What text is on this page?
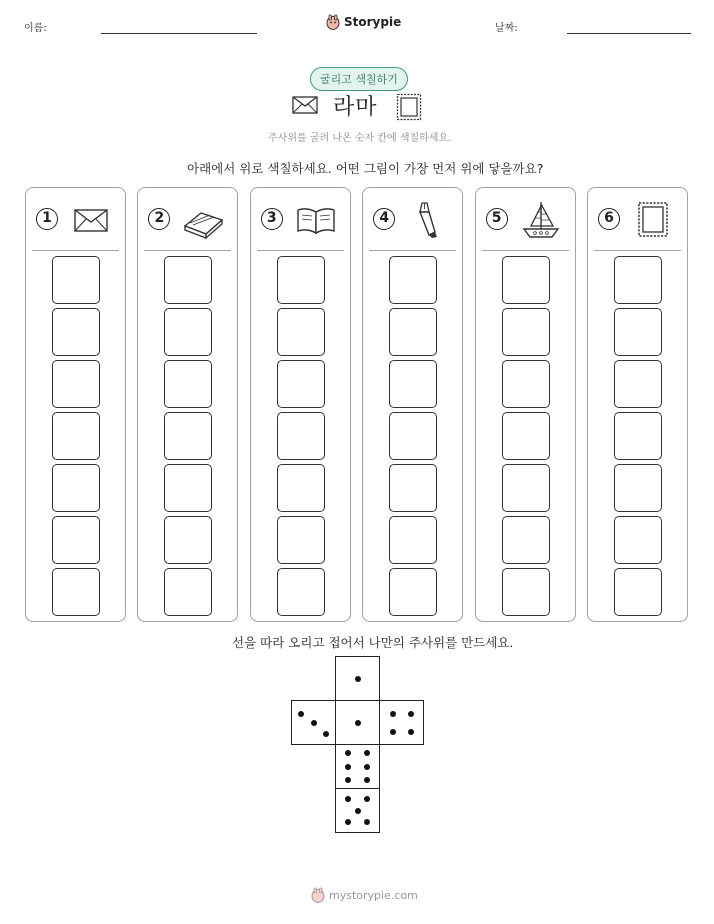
이름:	Storypie	날짜:
굴리고 색칠하기
라마
주사위를 굴려 나온 숫자 칸에 색칠하세요.
아래에서 위로 색칠하세요. 어떤 그림이 가장 먼저 위에 닿을까요?
1	2	3	4	5	6
선을 따라 오리고 접어서 나만의 주사위를 만드세요.
mystorypie.com
